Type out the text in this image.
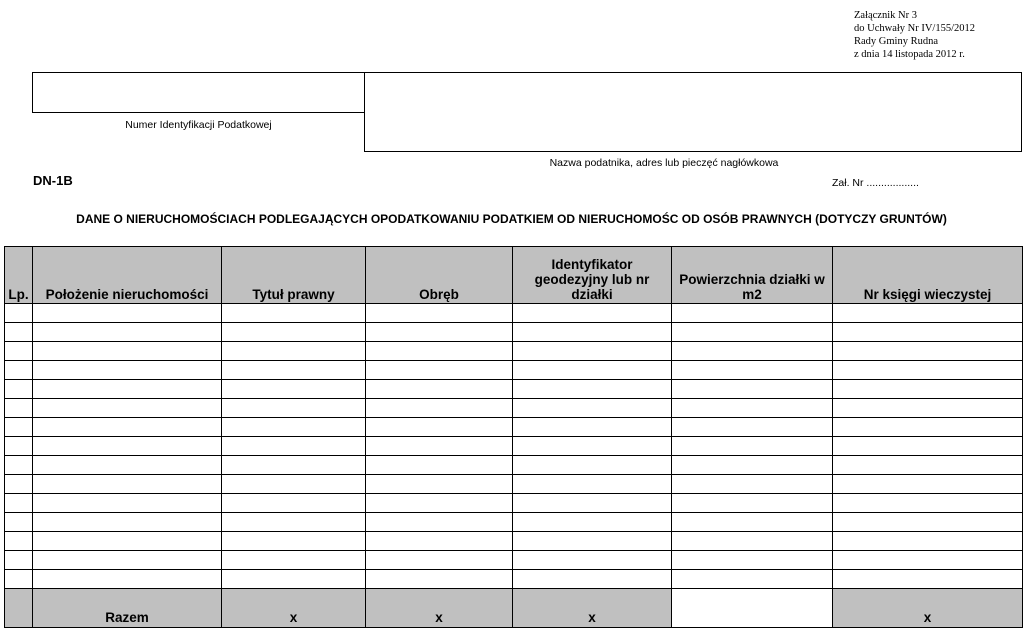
Załącznik Nr 3
do Uchwały Nr IV/155/2012
Rady Gminy Rudna
z dnia 14 listopada 2012 r.
Numer Identyfikacji Podatkowej
Nazwa podatnika, adres lub pieczęć nagłówkowa
DN-1B	Zał. Nr ..................
DANE O NIERUCHOMOŚCIACH PODLEGAJĄCYCH OPODATKOWANIU PODATKIEM OD NIERUCHOMOŚC OD OSÓB PRAWNYCH (DOTYCZY GRUNTÓW)
Lp.	Położenie nieruchomości	Tytuł prawny	Obręb	Identyfikator geodezyjny lub nr działki	Powierzchnia działki w m2	Nr księgi wieczystej

	Razem	x	x	x		x
